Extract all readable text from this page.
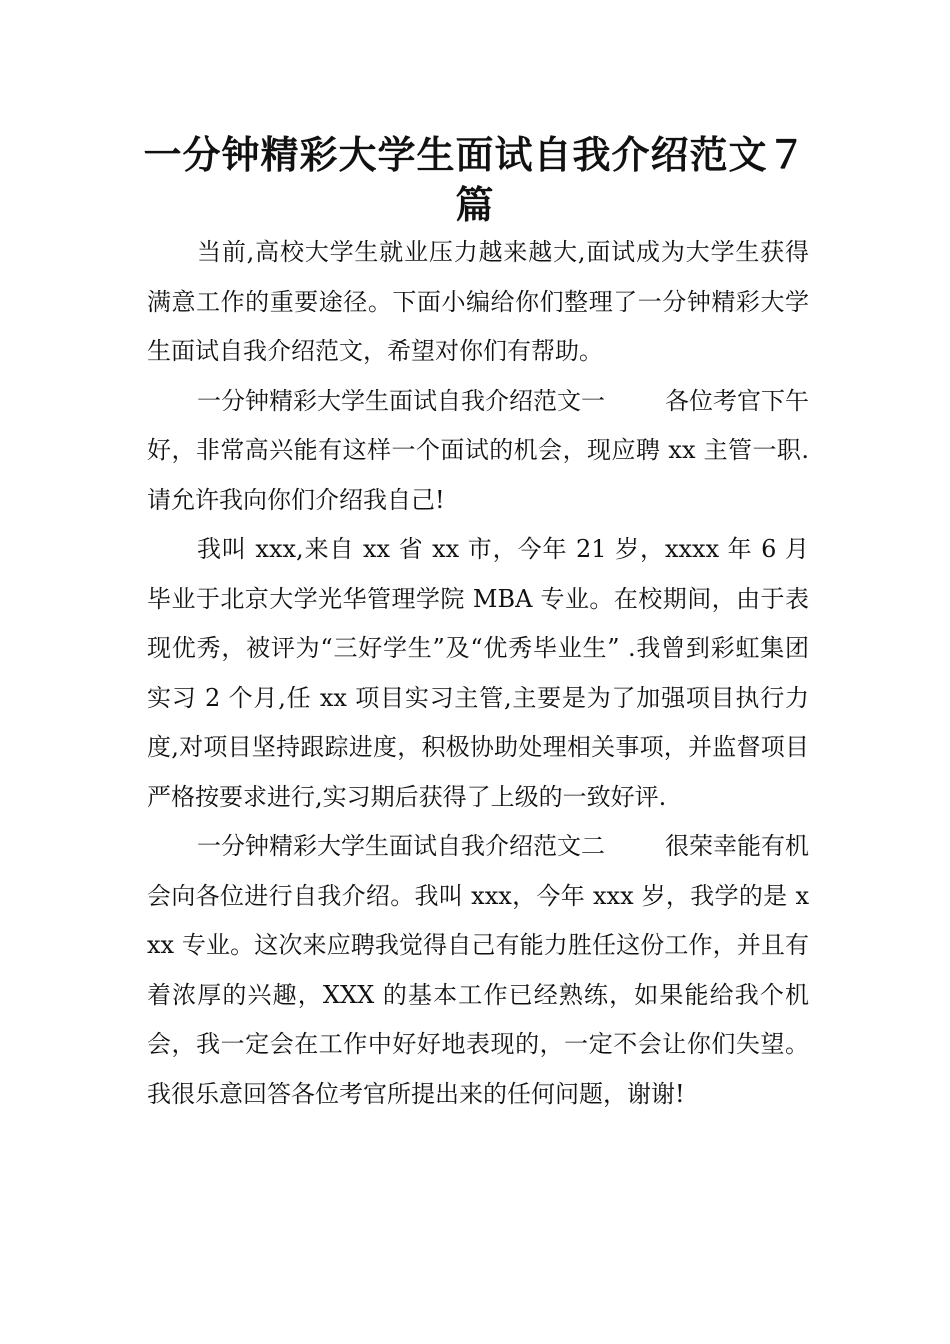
一分钟精彩大学生面试自我介绍范文７篇

当前,高校大学生就业压力越来越大,面试成为大学生获得满意工作的重要途径。下面小编给你们整理了一分钟精彩大学生面试自我介绍范文，希望对你们有帮助。

一分钟精彩大学生面试自我介绍范文一	各位考官下午好，非常高兴能有这样一个面试的机会，现应聘 xx 主管一职.请允许我向你们介绍我自己!

我叫 xxx,来自 xx 省 xx 市，今年 21 岁，xxxx 年 6 月毕业于北京大学光华管理学院 MBA 专业。在校期间，由于表现优秀，被评为“三好学生”及“优秀毕业生” .我曾到彩虹集团实习 2 个月,任 xx 项目实习主管,主要是为了加强项目执行力度,对项目坚持跟踪进度，积极协助处理相关事项，并监督项目严格按要求进行,实习期后获得了上级的一致好评.

一分钟精彩大学生面试自我介绍范文二	很荣幸能有机会向各位进行自我介绍。我叫 xxx，今年 xxx 岁，我学的是 xxx 专业。这次来应聘我觉得自己有能力胜任这份工作，并且有着浓厚的兴趣，XXX 的基本工作已经熟练，如果能给我个机会，我一定会在工作中好好地表现的，一定不会让你们失望。 我很乐意回答各位考官所提出来的任何问题，谢谢!
